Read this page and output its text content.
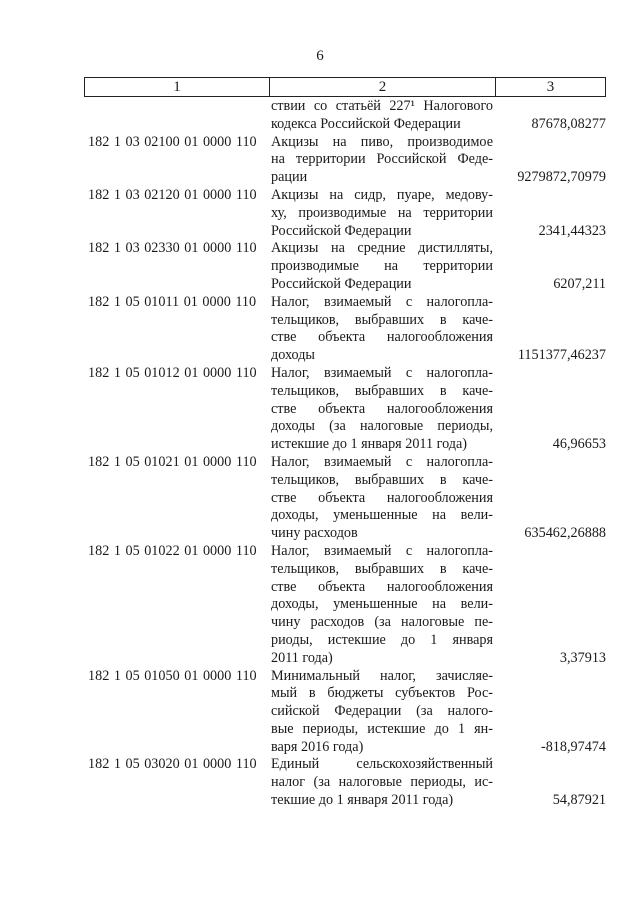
6
1	2	3
ствии со статьёй 227¹ Налогового
кодекса Российской Федерации	87678,08277
182 1 03 02100 01 0000 110	Акцизы на пиво, производимое
на территории Российской Феде-
рации	9279872,70979
182 1 03 02120 01 0000 110	Акцизы на сидр, пуаре, медову-
ху, производимые на территории
Российской Федерации	2341,44323
182 1 03 02330 01 0000 110	Акцизы на средние дистилляты,
производимые на территории
Российской Федерации	6207,211
182 1 05 01011 01 0000 110	Налог, взимаемый с налогопла-
тельщиков, выбравших в каче-
стве объекта налогообложения
доходы	1151377,46237
182 1 05 01012 01 0000 110	Налог, взимаемый с налогопла-
тельщиков, выбравших в каче-
стве объекта налогообложения
доходы (за налоговые периоды,
истекшие до 1 января 2011 года)	46,96653
182 1 05 01021 01 0000 110	Налог, взимаемый с налогопла-
тельщиков, выбравших в каче-
стве объекта налогообложения
доходы, уменьшенные на вели-
чину расходов	635462,26888
182 1 05 01022 01 0000 110	Налог, взимаемый с налогопла-
тельщиков, выбравших в каче-
стве объекта налогообложения
доходы, уменьшенные на вели-
чину расходов (за налоговые пе-
риоды, истекшие до 1 января
2011 года)	3,37913
182 1 05 01050 01 0000 110	Минимальный налог, зачисляе-
мый в бюджеты субъектов Рос-
сийской Федерации (за налого-
вые периоды, истекшие до 1 ян-
варя 2016 года)	-818,97474
182 1 05 03020 01 0000 110	Единый сельскохозяйственный
налог (за налоговые периоды, ис-
текшие до 1 января 2011 года)	54,87921
